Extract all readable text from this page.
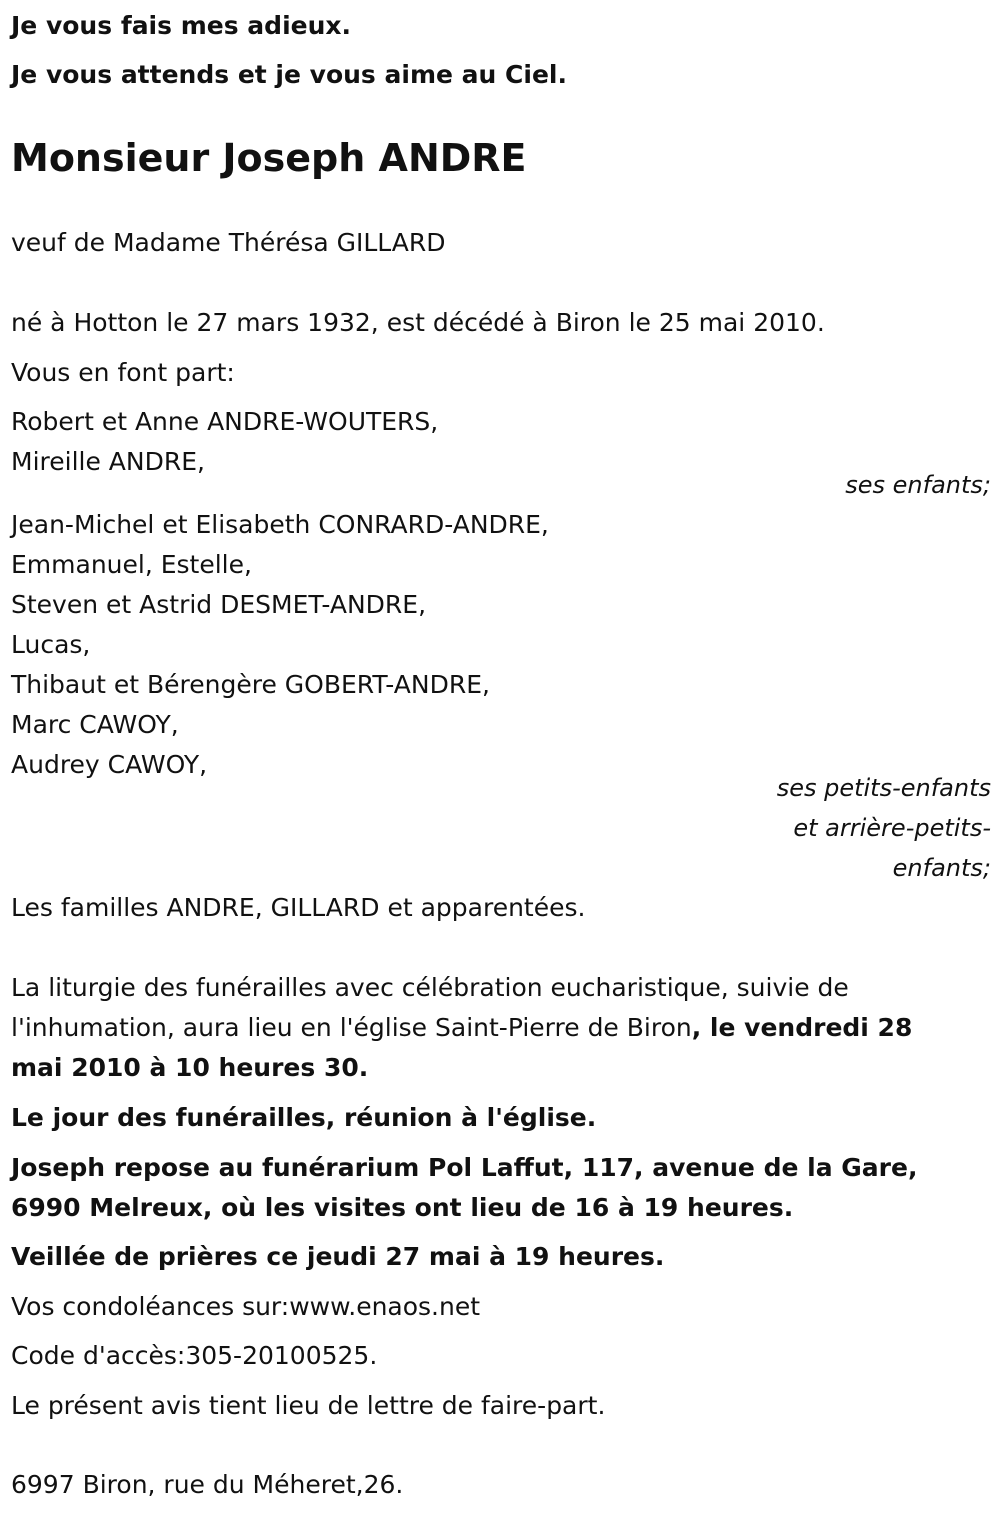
Je vous fais mes adieux.
Je vous attends et je vous aime au Ciel.
Monsieur Joseph ANDRE
veuf de Madame Thérésa GILLARD
né à Hotton le 27 mars 1932, est décédé à Biron le 25 mai 2010.
Vous en font part:
Robert et Anne ANDRE-WOUTERS,
Mireille ANDRE,
ses enfants;
Jean-Michel et Elisabeth CONRARD-ANDRE,
Emmanuel, Estelle,
Steven et Astrid DESMET-ANDRE,
Lucas,
Thibaut et Bérengère GOBERT-ANDRE,
Marc CAWOY,
Audrey CAWOY,
ses petits-enfants
et arrière-petits-
enfants;
Les familles ANDRE, GILLARD et apparentées.
La liturgie des funérailles avec célébration eucharistique, suivie de l'inhumation, aura lieu en l'église Saint-Pierre de Biron, le vendredi 28 mai 2010 à 10 heures 30.
Le jour des funérailles, réunion à l'église.
Joseph repose au funérarium Pol Laffut, 117, avenue de la Gare, 6990 Melreux, où les visites ont lieu de 16 à 19 heures.
Veillée de prières ce jeudi 27 mai à 19 heures.
Vos condoléances sur:www.enaos.net
Code d'accès:305-20100525.
Le présent avis tient lieu de lettre de faire-part.
6997 Biron, rue du Méheret,26.
